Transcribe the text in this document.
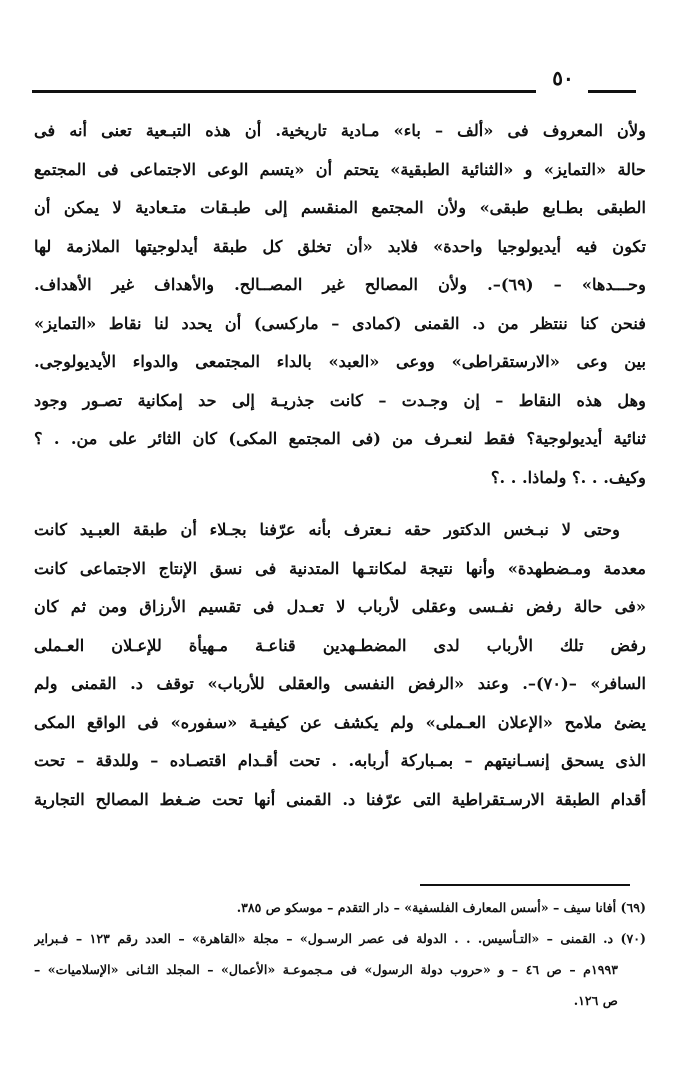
٥٠
ولأن المعروف فى «ألف – باء» مـادية تاريخية. أن هذه التبـعية تعنى أنه فى
حالة «التمايز» و «الثنائية الطبقية» يتحتم أن «يتسم الوعى الاجتماعى فى المجتمع
الطبقى بطـابع طبقى» ولأن المجتمع المنقسم إلى طبـقات متـعادية لا يمكن أن
تكون فيه أيديولوجيا واحدة» فلابد «أن تخلق كل طبقة أيدلوجيتها الملازمة لها
وحـــدها» – (٦٩)–. ولأن المصالح غير المصــالح. والأهداف غير الأهداف.
فنحن كنا ننتظر من د. القمنى (كمادى – ماركسى) أن يحدد لنا نقاط «التمايز»
بين وعى «الارستقراطى» ووعى «العبد» بالداء المجتمعى والدواء الأيديولوجى.
وهل هذه النقاط – إن وجـدت – كانت جذريـة إلى حد إمكانية تصـور وجود
ثنائية أيديولوجية؟ فقط لنعـرف من (فى المجتمع المكى) كان الثائر على من. . ؟
وكيف. . .؟ ولماذا. . .؟
وحتى لا نبـخس الدكتور حقه نـعترف بأنه عرّفنا بجـلاء أن طبقة العبـيد كانت
معدمة ومـضطهدة» وأنها نتيجة لمكانتـها المتدنية فى نسق الإنتاج الاجتماعى كانت
«فى حالة رفض نفـسى وعقلى لأرباب لا تعـدل فى تقسيم الأرزاق ومن ثم كان
رفض تلك الأرباب لدى المضطـهدين قناعـة مـهيأة للإعـلان العـملى
السافر» –(٧٠)–. وعند «الرفض النفسى والعقلى للأرباب» توقف د. القمنى ولم
يضئ ملامح «الإعلان العـملى» ولم يكشف عن كيفيـة «سفوره» فى الواقع المكى
الذى يسحق إنسـانيتهم – بمـباركة أربابه. . تحت أقـدام اقتصـاده – وللدقة – تحت
أقدام الطبقة الارسـتقراطية التى عرّفنا د. القمنى أنها تحت ضـغط المصالح التجارية
(٦٩) أفانا سيف – «أسس المعارف الفلسفية» – دار التقدم – موسكو ص ٣٨٥.
(٧٠) د. القمنى – «التـأسيس. . . الدولة فى عصر الرسـول» – مجلة «القاهرة» – العدد رقم ١٢٣ – فـبراير
١٩٩٣م – ص ٤٦ – و «حروب دولة الرسول» فى مـجموعـة «الأعمال» – المجلد الثـانى «الإسلاميات» –
ص ١٢٦.
